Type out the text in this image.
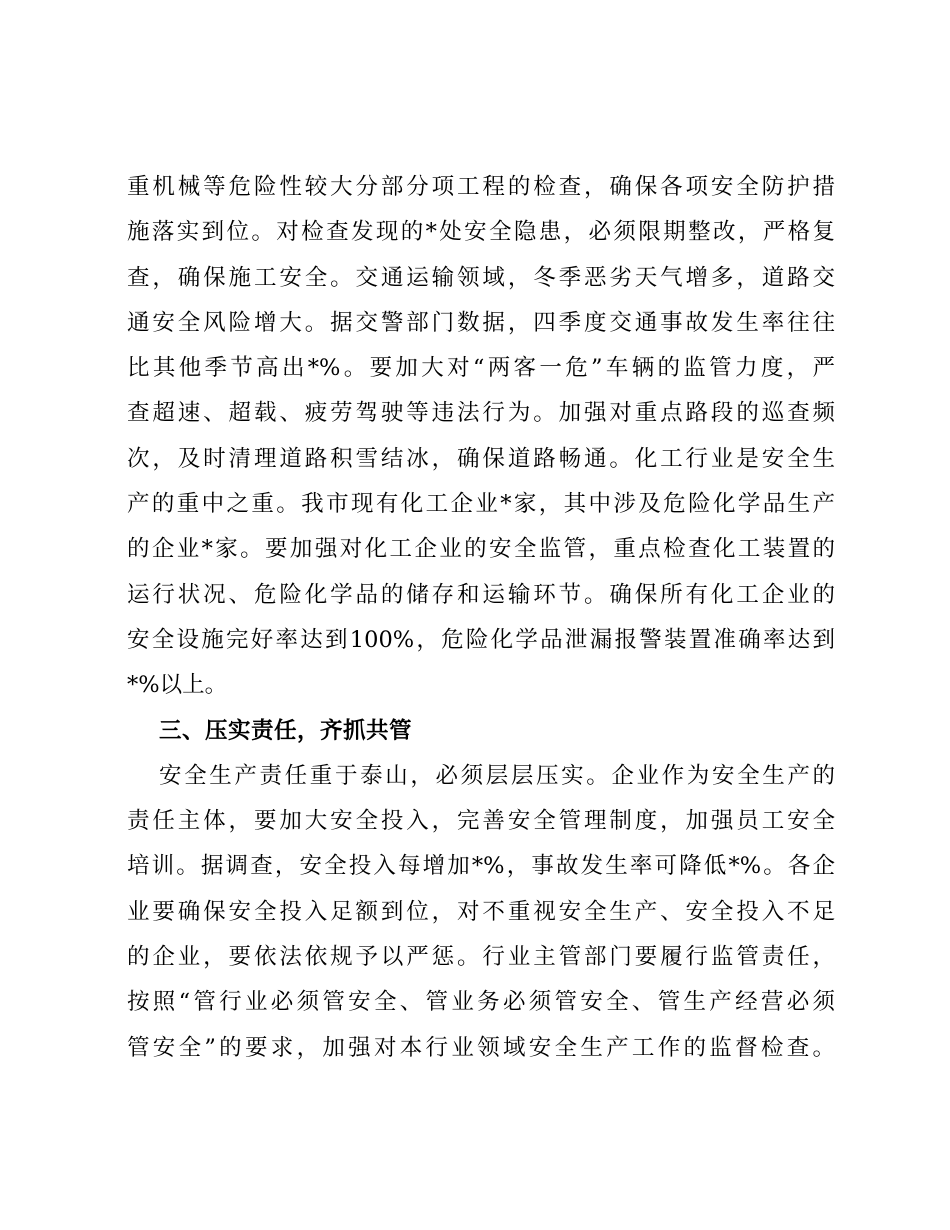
重机械等危险性较大分部分项工程的检查，确保各项安全防护措
施落实到位。对检查发现的*处安全隐患，必须限期整改，严格复
查，确保施工安全。交通运输领域，冬季恶劣天气增多，道路交
通安全风险增大。据交警部门数据，四季度交通事故发生率往往
比其他季节高出*%。要加大对“两客一危”车辆的监管力度，严
查超速、超载、疲劳驾驶等违法行为。加强对重点路段的巡查频
次，及时清理道路积雪结冰，确保道路畅通。化工行业是安全生
产的重中之重。我市现有化工企业*家，其中涉及危险化学品生产
的企业*家。要加强对化工企业的安全监管，重点检查化工装置的
运行状况、危险化学品的储存和运输环节。确保所有化工企业的
安全设施完好率达到100%，危险化学品泄漏报警装置准确率达到
*%以上。
三、压实责任，齐抓共管
安全生产责任重于泰山，必须层层压实。企业作为安全生产的
责任主体，要加大安全投入，完善安全管理制度，加强员工安全
培训。据调查，安全投入每增加*%，事故发生率可降低*%。各企
业要确保安全投入足额到位，对不重视安全生产、安全投入不足
的企业，要依法依规予以严惩。行业主管部门要履行监管责任，
按照“管行业必须管安全、管业务必须管安全、管生产经营必须
管安全”的要求，加强对本行业领域安全生产工作的监督检查。
